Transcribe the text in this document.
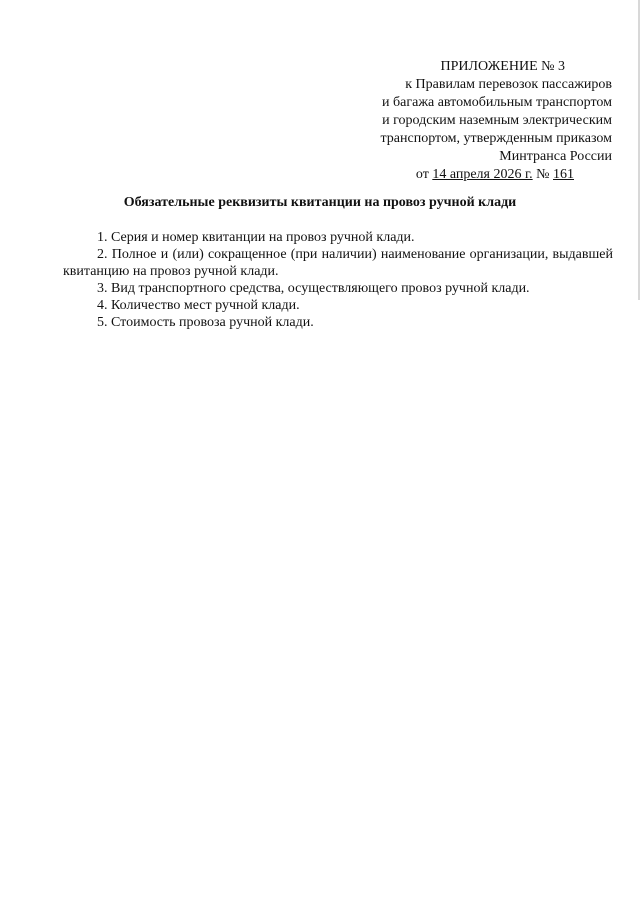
ПРИЛОЖЕНИЕ № 3
к Правилам перевозок пассажиров
и багажа автомобильным транспортом
и городским наземным электрическим
транспортом, утвержденным приказом
Минтранса России
от 14 апреля 2026 г. № 161
Обязательные реквизиты квитанции на провоз ручной клади

1. Серия и номер квитанции на провоз ручной клади.

2. Полное и (или) сокращенное (при наличии) наименование организации, выдавшей квитанцию на провоз ручной клади.

3. Вид транспортного средства, осуществляющего провоз ручной клади.

4. Количество мест ручной клади.

5. Стоимость провоза ручной клади.
